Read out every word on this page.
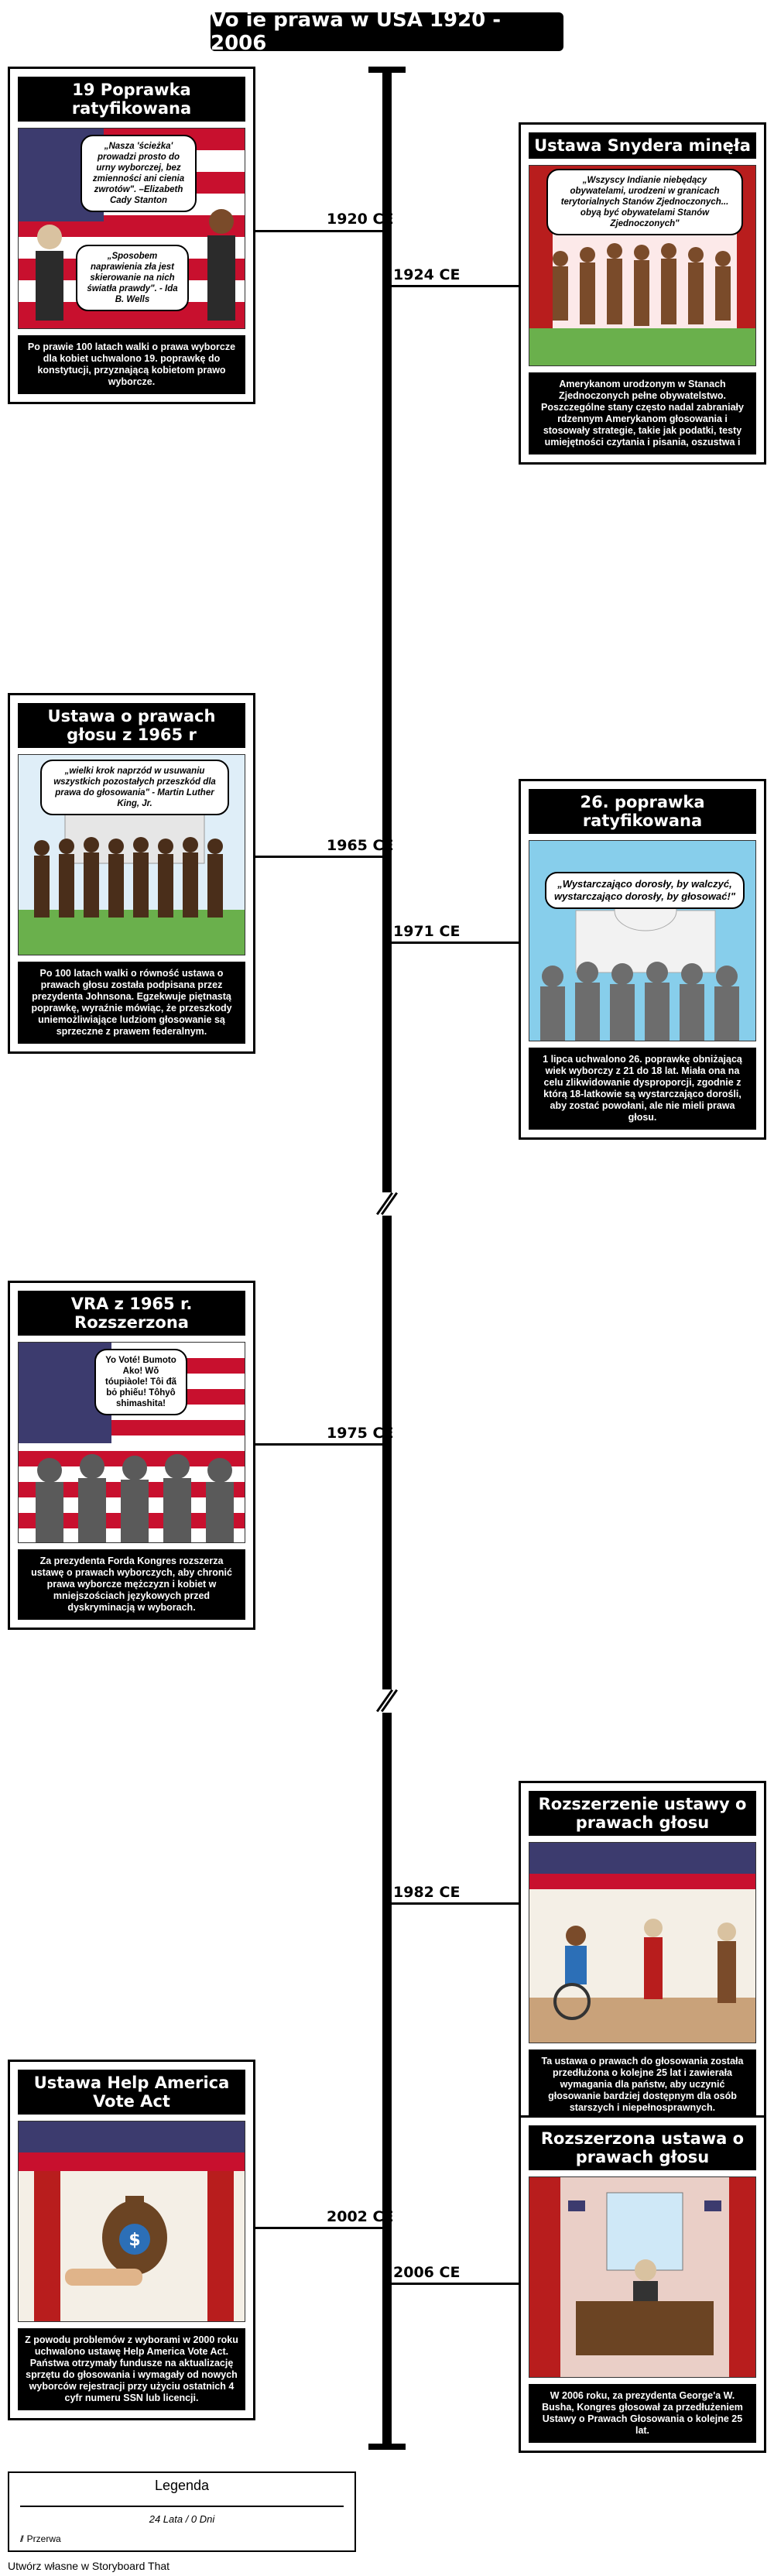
Vo ie prawa w USA 1920 - 2006
1920 CE
1924 CE
1965 CE
1971 CE
1975 CE
1982 CE
2002 CE
2006 CE
19 Poprawka ratyfikowana
„Nasza 'ścieżka' prowadzi prosto do urny wyborczej, bez zmienności ani cienia zwrotów". –Elizabeth Cady Stanton
„Sposobem naprawienia zła jest skierowanie na nich światła prawdy". - Ida B. Wells
Po prawie 100 latach walki o prawa wyborcze dla kobiet uchwalono 19. poprawkę do konstytucji, przyznającą kobietom prawo wyborcze.
Ustawa Snydera minęła
„Wszyscy Indianie niebędący obywatelami, urodzeni w granicach terytorialnych Stanów Zjednoczonych... obyą być obywatelami Stanów Zjednoczonych"
Amerykanom urodzonym w Stanach Zjednoczonych pełne obywatelstwo. Poszczególne stany często nadal zabraniały rdzennym Amerykanom głosowania i stosowały strategie, takie jak podatki, testy umiejętności czytania i pisania, oszustwa i
Ustawa o prawach głosu z 1965 r
„wielki krok naprzód w usuwaniu wszystkich pozostałych przeszkód dla prawa do głosowania" - Martin Luther King, Jr.
Po 100 latach walki o równość ustawa o prawach głosu została podpisana przez prezydenta Johnsona. Egzekwuje piętnastą poprawkę, wyraźnie mówiąc, że przeszkody uniemożliwiające ludziom głosowanie są sprzeczne z prawem federalnym.
26. poprawka ratyfikowana
„Wystarczająco dorosły, by walczyć, wystarczająco dorosły, by głosować!"
1 lipca uchwalono 26. poprawkę obniżającą wiek wyborczy z 21 do 18 lat. Miała ona na celu zlikwidowanie dysproporcji, zgodnie z którą 18-latkowie są wystarczająco dorośli, aby zostać powołani, ale nie mieli prawa głosu.
VRA z 1965 r. Rozszerzona
Yo Voté! Bumoto Ako! Wǒ tóupiàole! Tôi đã bỏ phiếu! Tôhyô shimashita!
Za prezydenta Forda Kongres rozszerza ustawę o prawach wyborczych, aby chronić prawa wyborcze mężczyzn i kobiet w mniejszościach językowych przed dyskryminacją w wyborach.
Rozszerzenie ustawy o prawach głosu
Ta ustawa o prawach do głosowania została przedłużona o kolejne 25 lat i zawierała wymagania dla państw, aby uczynić głosowanie bardziej dostępnym dla osób starszych i niepełnosprawnych.
Ustawa Help America Vote Act
$
Z powodu problemów z wyborami w 2000 roku uchwalono ustawę Help America Vote Act. Państwa otrzymały fundusze na aktualizację sprzętu do głosowania i wymagały od nowych wyborców rejestracji przy użyciu ostatnich 4 cyfr numeru SSN lub licencji.
Rozszerzona ustawa o prawach głosu
W 2006 roku, za prezydenta George'a W. Busha, Kongres głosował za przedłużeniem Ustawy o Prawach Głosowania o kolejne 25 lat.
Legenda
24 Lata / 0 Dni
// Przerwa
Utwórz własne w Storyboard That
